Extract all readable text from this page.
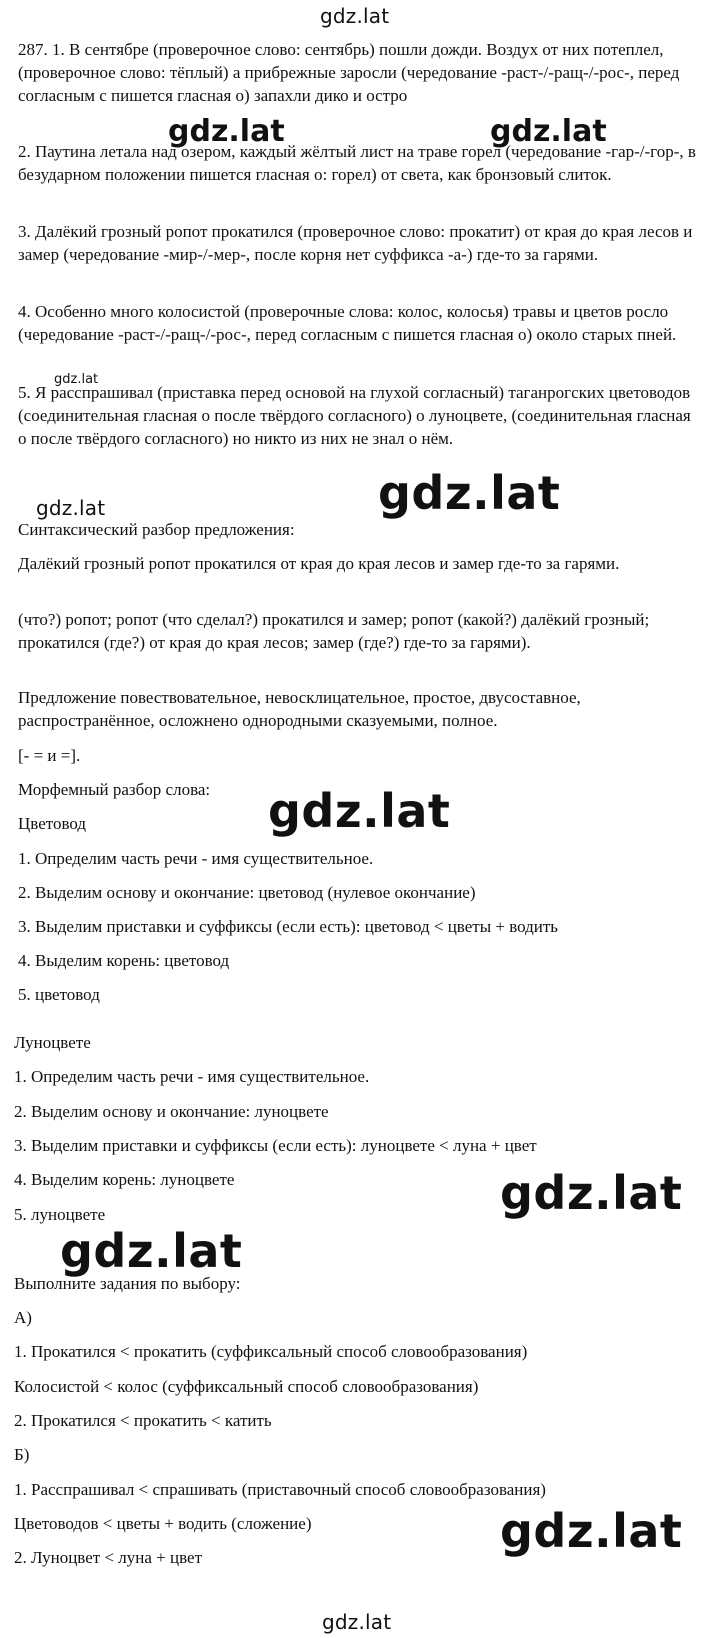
gdz.lat

287. 1. В сентябре (проверочное слово: сентябрь) пошли дожди. Воздух от них потеплел, (проверочное слово: тёплый) а прибрежные заросли (чередование -раст-/-ращ-/-рос-, перед согласным с пишется гласная о) запахли дико и остро

2. Паутина летала над озером, каждый жёлтый лист на траве горел (чередование -гар-/-гор-, в безударном положении пишется гласная о: горел) от света, как бронзовый слиток.

3. Далёкий грозный ропот прокатился (проверочное слово: прокатит) от края до края лесов и замер (чередование -мир-/-мер-, после корня нет суффикса -а-) где-то за гарями.

4. Особенно много колосистой (проверочные слова: колос, колосья) травы и цветов росло (чередование -раст-/-ращ-/-рос-, перед согласным с пишется гласная о) около старых пней.

5. Я расспрашивал (приставка перед основой на глухой согласный) таганрогских цветоводов (соединительная гласная о после твёрдого согласного) о луноцвете, (соединительная гласная о после твёрдого согласного) но никто из них не знал о нём.

Синтаксический разбор предложения:

Далёкий грозный ропот прокатился от края до края лесов и замер где-то за гарями.

(что?) ропот; ропот (что сделал?) прокатился и замер; ропот (какой?) далёкий грозный; прокатился (где?) от края до края лесов; замер (где?) где-то за гарями).

Предложение повествовательное, невосклицательное, простое, двусоставное, распространённое, осложнено однородными сказуемыми, полное.

[- = и =].

Морфемный разбор слова:

Цветовод

1. Определим часть речи - имя существительное.

2. Выделим основу и окончание: цветовод (нулевое окончание)

3. Выделим приставки и суффиксы (если есть): цветовод < цветы + водить

4. Выделим корень: цветовод

5. цветовод

Луноцвете

1. Определим часть речи - имя существительное.

2. Выделим основу и окончание: луноцвете

3. Выделим приставки и суффиксы (если есть): луноцвете < луна + цвет

4. Выделим корень: луноцвете

5. луноцвете

Выполните задания по выбору:

А)

1. Прокатился < прокатить (суффиксальный способ словообразования)

Колосистой < колос (суффиксальный способ словообразования)

2. Прокатился < прокатить < катить

Б)

1. Расспрашивал < спрашивать (приставочный способ словообразования)

Цветоводов < цветы + водить (сложение)

2. Луноцвет < луна + цвет

gdz.lat	gdz.lat
gdz.lat
gdz.lat	gdz.lat
gdz.lat
gdz.lat
gdz.lat
gdz.lat
gdz.lat
